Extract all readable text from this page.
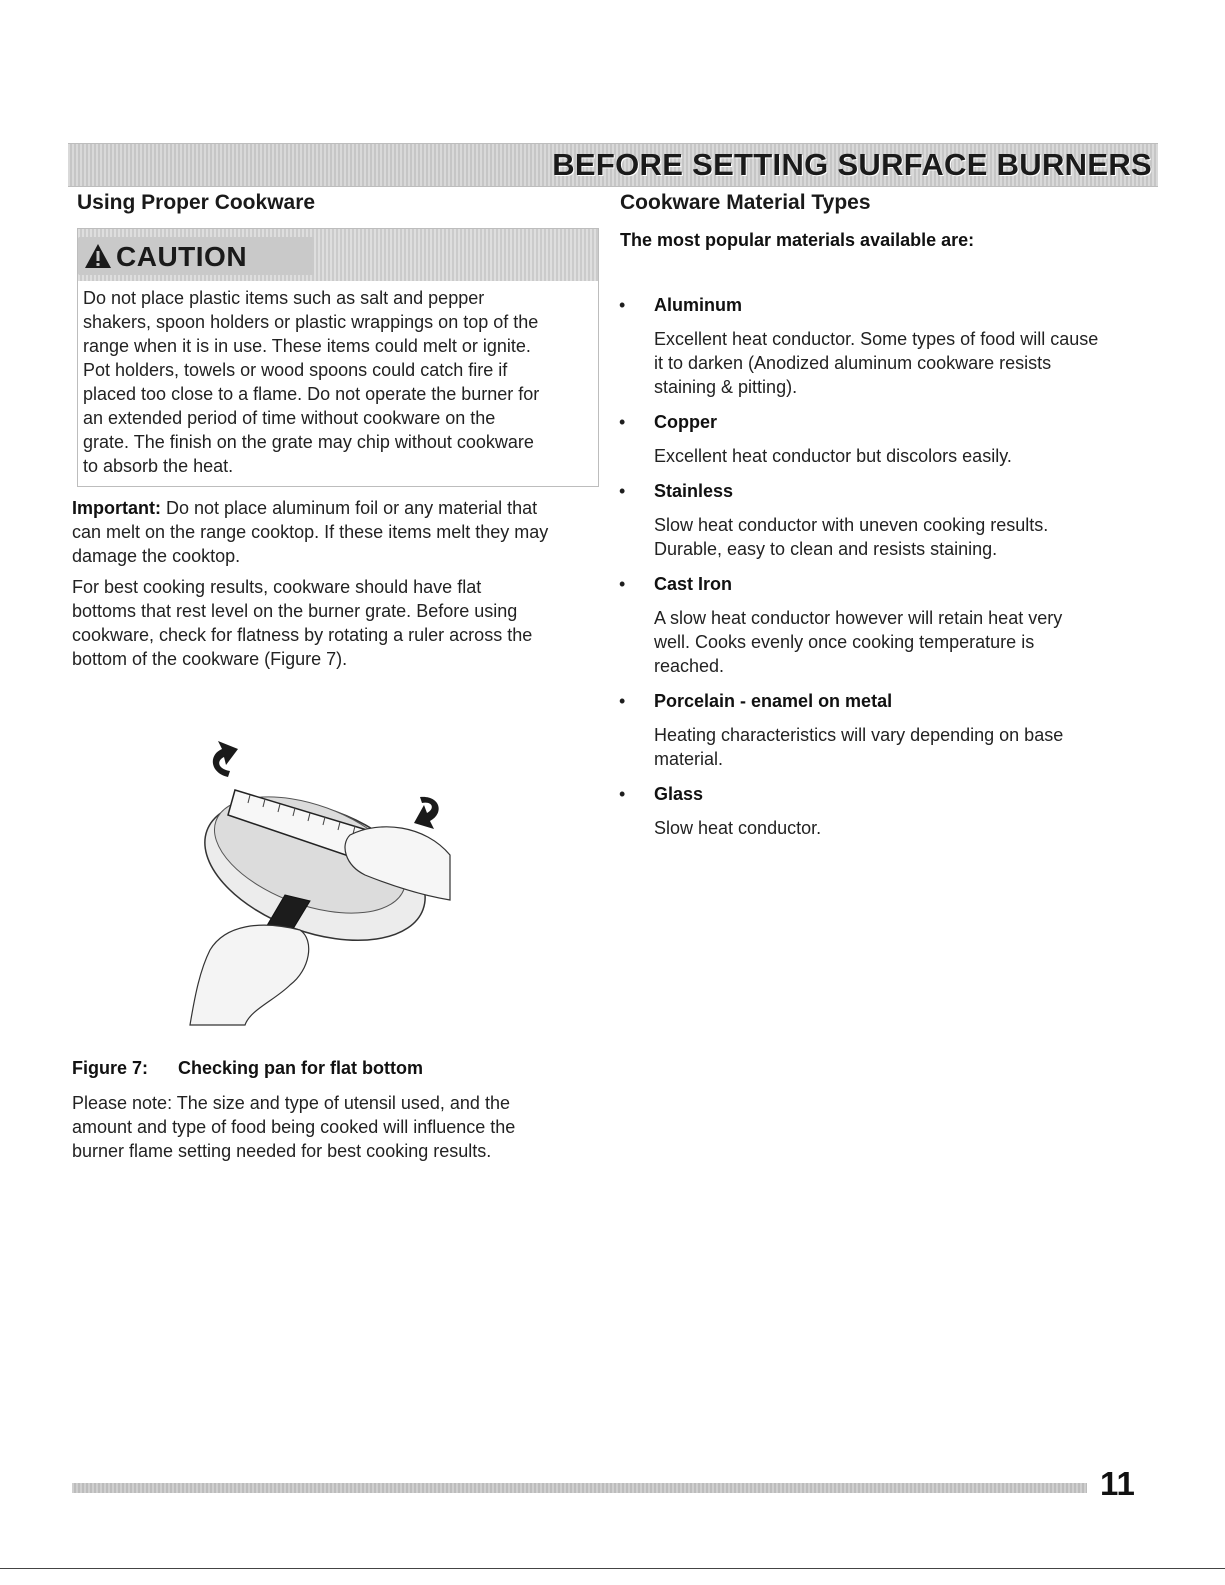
BEFORE SETTING SURFACE BURNERS
Using Proper Cookware
CAUTION
Do not place plastic items such as salt and pepper
shakers, spoon holders or plastic wrappings on top of the
range when it is in use. These items could melt or ignite.
Pot holders, towels or wood spoons could catch fire if
placed too close to a flame. Do not operate the burner for
an extended period of time without cookware on the
grate. The finish on the grate may chip without cookware
to absorb the heat.
Important: Do not place aluminum foil or any material that
can melt on the range cooktop. If these items melt they may
damage the cooktop.
For best cooking results, cookware should have flat
bottoms that rest level on the burner grate. Before using
cookware, check for flatness by rotating a ruler across the
bottom of the cookware (Figure 7).
Figure 7: Checking pan for flat bottom
Please note: The size and type of utensil used, and the
amount and type of food being cooked will influence the
burner flame setting needed for best cooking results.
Cookware Material Types
The most popular materials available are:
• Aluminum
Excellent heat conductor. Some types of food will cause
it to darken (Anodized aluminum cookware resists
staining & pitting).
• Copper
Excellent heat conductor but discolors easily.
• Stainless
Slow heat conductor with uneven cooking results.
Durable, easy to clean and resists staining.
• Cast Iron
A slow heat conductor however will retain heat very
well. Cooks evenly once cooking temperature is
reached.
• Porcelain - enamel on metal
Heating characteristics will vary depending on base
material.
• Glass
Slow heat conductor.
11
